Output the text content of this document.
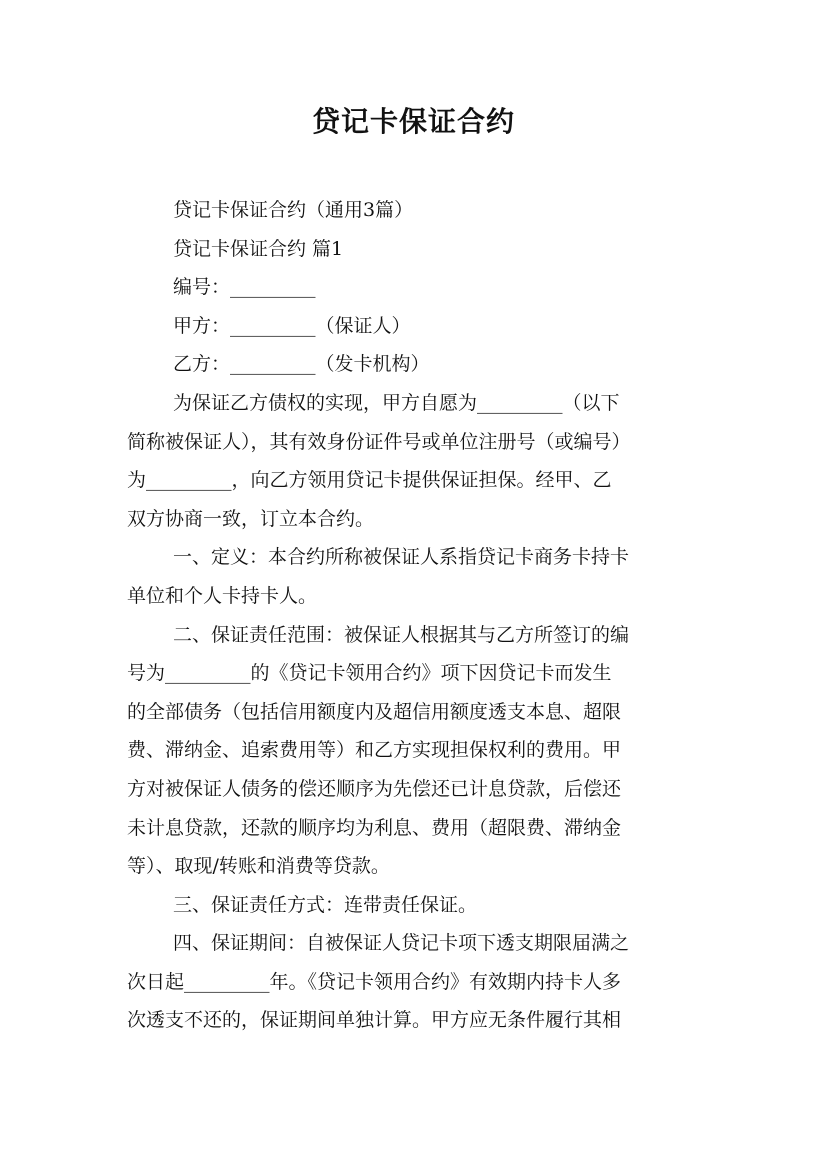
贷记卡保证合约
贷记卡保证合约（通用3篇）
贷记卡保证合约 篇1
编号：_________
甲方：_________（保证人）
乙方：_________（发卡机构）
为保证乙方债权的实现，甲方自愿为_________（以下
简称被保证人），其有效身份证件号或单位注册号（或编号）
为_________，向乙方领用贷记卡提供保证担保。经甲、乙
双方协商一致，订立本合约。
一、定义：本合约所称被保证人系指贷记卡商务卡持卡
单位和个人卡持卡人。
二、保证责任范围：被保证人根据其与乙方所签订的编
号为_________的《贷记卡领用合约》项下因贷记卡而发生
的全部债务（包括信用额度内及超信用额度透支本息、超限
费、滞纳金、追索费用等）和乙方实现担保权利的费用。甲
方对被保证人债务的偿还顺序为先偿还已计息贷款，后偿还
未计息贷款，还款的顺序均为利息、费用（超限费、滞纳金
等）、取现/转账和消费等贷款。
三、保证责任方式：连带责任保证。
四、保证期间：自被保证人贷记卡项下透支期限届满之
次日起_________年。《贷记卡领用合约》有效期内持卡人多
次透支不还的，保证期间单独计算。甲方应无条件履行其相
